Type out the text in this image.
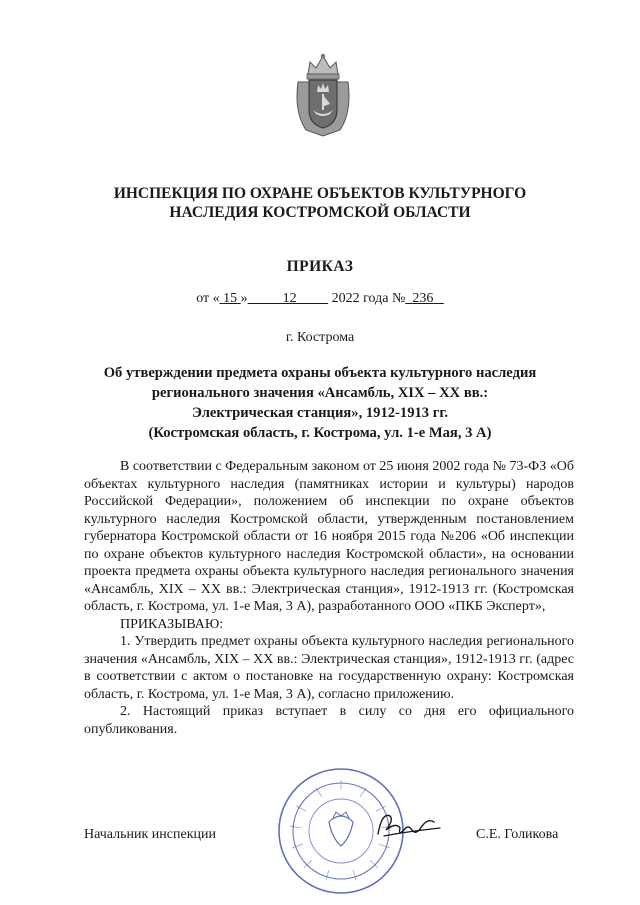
ИНСПЕКЦИЯ ПО ОХРАНЕ ОБЪЕКТОВ КУЛЬТУРНОГО
НАСЛЕДИЯ КОСТРОМСКОЙ ОБЛАСТИ
ПРИКАЗ
от « 15 »	12	2022 года № 236
г. Кострома
Об утверждении предмета охраны объекта культурного наследия
регионального значения «Ансамбль, XIX – XX вв.:
Электрическая станция», 1912-1913 гг.
(Костромская область, г. Кострома, ул. 1-е Мая, 3 А)

В соответствии с Федеральным законом от 25 июня 2002 года № 73-ФЗ «Об объектах культурного наследия (памятниках истории и культуры) народов Российской Федерации», положением об инспекции по охране объектов культурного наследия Костромской области, утвержденным постановлением губернатора Костромской области от 16 ноября 2015 года №206 «Об инспекции по охране объектов культурного наследия Костромской области», на основании проекта предмета охраны объекта культурного наследия регионального значения «Ансамбль, XIX – XX вв.: Электрическая станция», 1912-1913 гг. (Костромская область, г. Кострома, ул. 1-е Мая, 3 А), разработанного ООО «ПКБ Эксперт»,

ПРИКАЗЫВАЮ:

1. Утвердить предмет охраны объекта культурного наследия регионального значения «Ансамбль, XIX – XX вв.: Электрическая станция», 1912-1913 гг. (адрес в соответствии с актом о постановке на государственную охрану: Костромская область, г. Кострома, ул. 1-е Мая, 3 А), согласно приложению.

2. Настоящий приказ вступает в силу со дня его официального опубликования.

Начальник инспекции	С.Е. Голикова
